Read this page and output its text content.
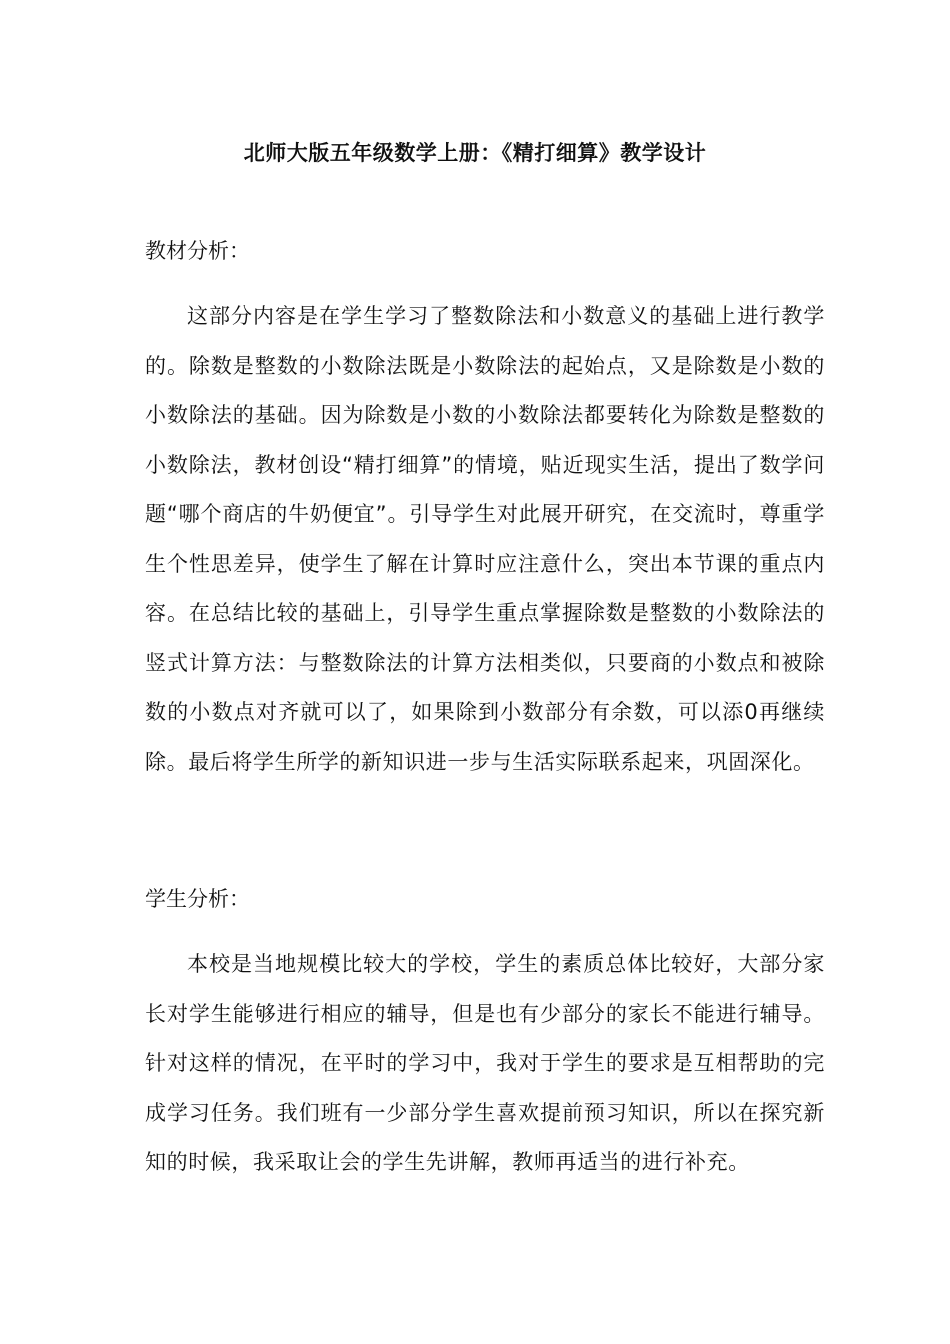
北师大版五年级数学上册：《精打细算》教学设计

教材分析：

这部分内容是在学生学习了整数除法和小数意义的基础上进行教学的。除数是整数的小数除法既是小数除法的起始点，又是除数是小数的小数除法的基础。因为除数是小数的小数除法都要转化为除数是整数的小数除法，教材创设“精打细算”的情境，贴近现实生活，提出了数学问题“哪个商店的牛奶便宜”。引导学生对此展开研究，在交流时，尊重学生个性思差异，使学生了解在计算时应注意什么，突出本节课的重点内容。在总结比较的基础上，引导学生重点掌握除数是整数的小数除法的竖式计算方法：与整数除法的计算方法相类似，只要商的小数点和被除数的小数点对齐就可以了，如果除到小数部分有余数，可以添0再继续除。最后将学生所学的新知识进一步与生活实际联系起来，巩固深化。

学生分析：

本校是当地规模比较大的学校，学生的素质总体比较好，大部分家长对学生能够进行相应的辅导，但是也有少部分的家长不能进行辅导。针对这样的情况，在平时的学习中，我对于学生的要求是互相帮助的完成学习任务。我们班有一少部分学生喜欢提前预习知识，所以在探究新知的时候，我采取让会的学生先讲解，教师再适当的进行补充。
